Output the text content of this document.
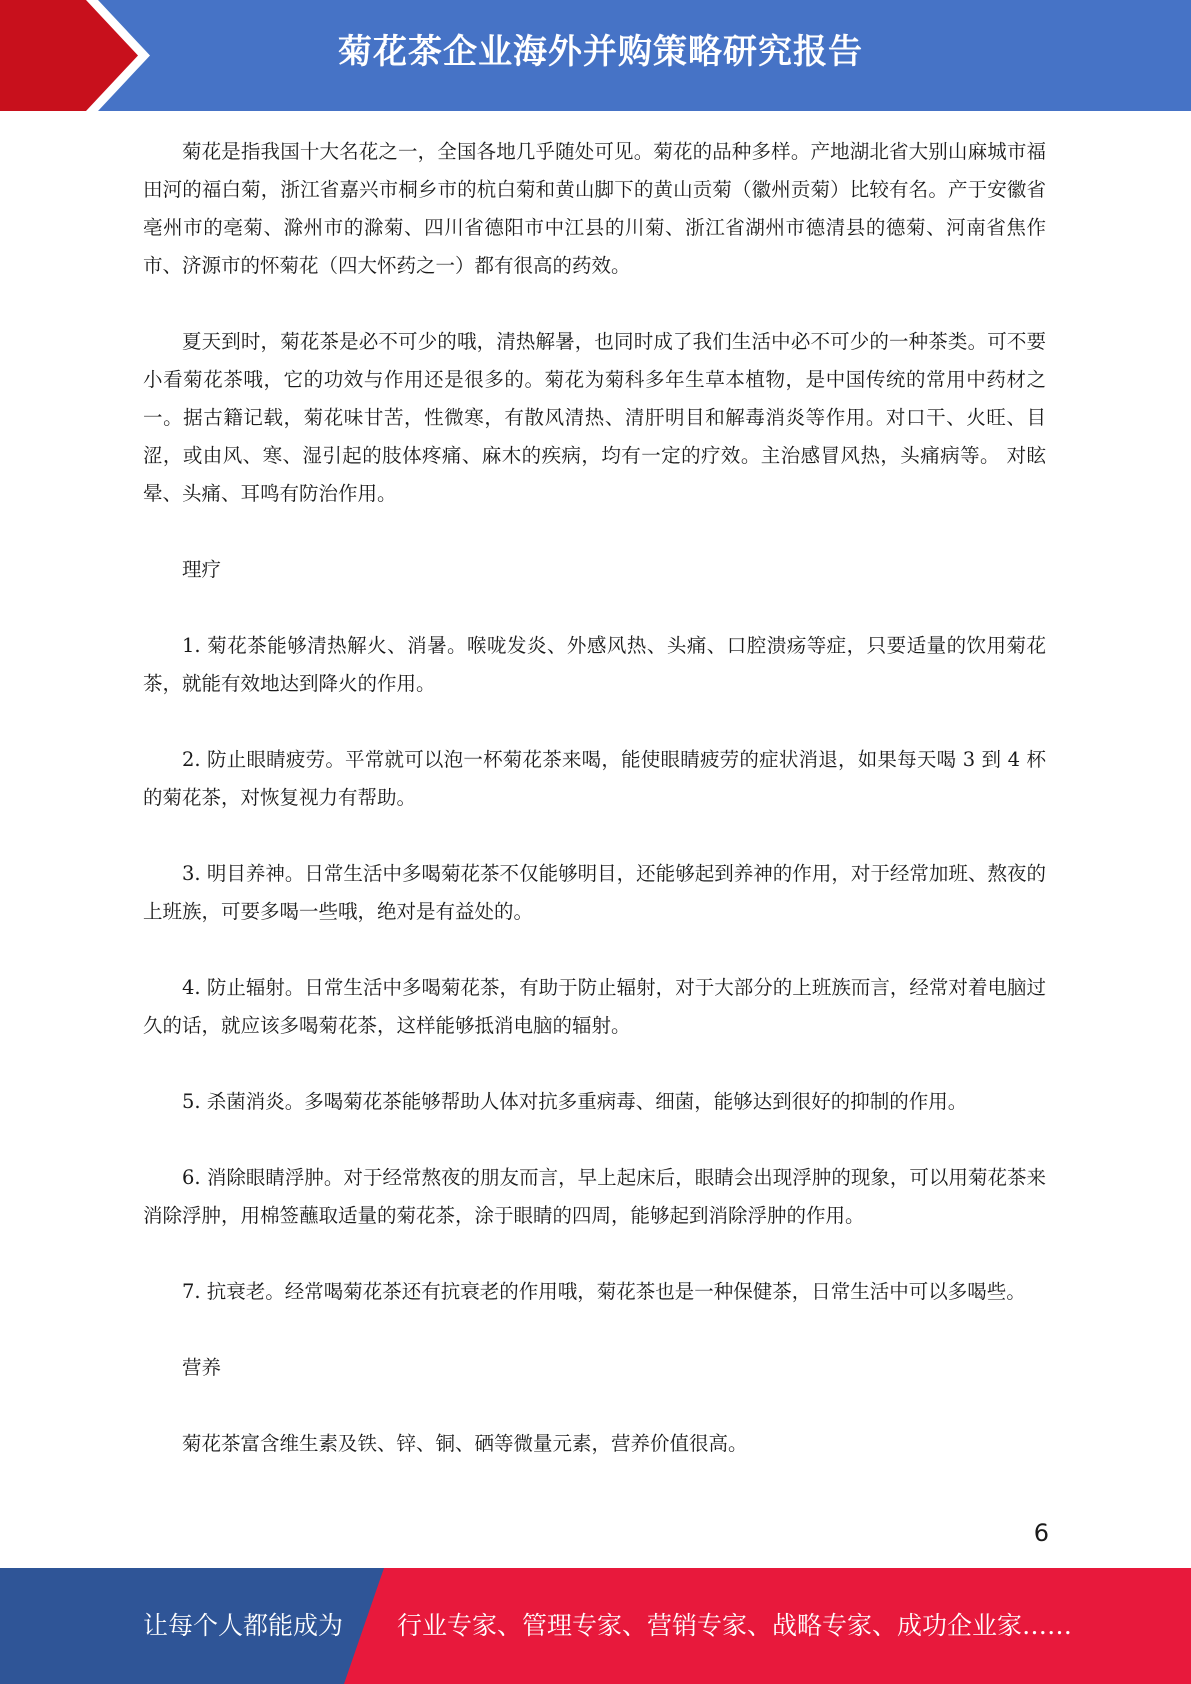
菊花茶企业海外并购策略研究报告

菊花是指我国十大名花之一，全国各地几乎随处可见。菊花的品种多样。产地湖北省大别山麻城市福田河的福白菊，浙江省嘉兴市桐乡市的杭白菊和黄山脚下的黄山贡菊（徽州贡菊）比较有名。产于安徽省亳州市的亳菊、滁州市的滁菊、四川省德阳市中江县的川菊、浙江省湖州市德清县的德菊、河南省焦作市、济源市的怀菊花（四大怀药之一）都有很高的药效。

夏天到时，菊花茶是必不可少的哦，清热解暑，也同时成了我们生活中必不可少的一种茶类。可不要小看菊花茶哦，它的功效与作用还是很多的。菊花为菊科多年生草本植物，是中国传统的常用中药材之一。据古籍记载，菊花味甘苦，性微寒，有散风清热、清肝明目和解毒消炎等作用。对口干、火旺、目涩，或由风、寒、湿引起的肢体疼痛、麻木的疾病，均有一定的疗效。主治感冒风热，头痛病等。 对眩晕、头痛、耳鸣有防治作用。

理疗

1. 菊花茶能够清热解火、消暑。喉咙发炎、外感风热、头痛、口腔溃疡等症，只要适量的饮用菊花茶，就能有效地达到降火的作用。

2. 防止眼睛疲劳。平常就可以泡一杯菊花茶来喝，能使眼睛疲劳的症状消退，如果每天喝 3 到 4 杯的菊花茶，对恢复视力有帮助。

3. 明目养神。日常生活中多喝菊花茶不仅能够明目，还能够起到养神的作用，对于经常加班、熬夜的上班族，可要多喝一些哦，绝对是有益处的。

4. 防止辐射。日常生活中多喝菊花茶，有助于防止辐射，对于大部分的上班族而言，经常对着电脑过久的话，就应该多喝菊花茶，这样能够抵消电脑的辐射。

5. 杀菌消炎。多喝菊花茶能够帮助人体对抗多重病毒、细菌，能够达到很好的抑制的作用。

6. 消除眼睛浮肿。对于经常熬夜的朋友而言，早上起床后，眼睛会出现浮肿的现象，可以用菊花茶来消除浮肿，用棉签蘸取适量的菊花茶，涂于眼睛的四周，能够起到消除浮肿的作用。

7. 抗衰老。经常喝菊花茶还有抗衰老的作用哦，菊花茶也是一种保健茶，日常生活中可以多喝些。

营养

菊花茶富含维生素及铁、锌、铜、硒等微量元素，营养价值很高。

6
让每个人都能成为 行业专家、管理专家、营销专家、战略专家、成功企业家……
